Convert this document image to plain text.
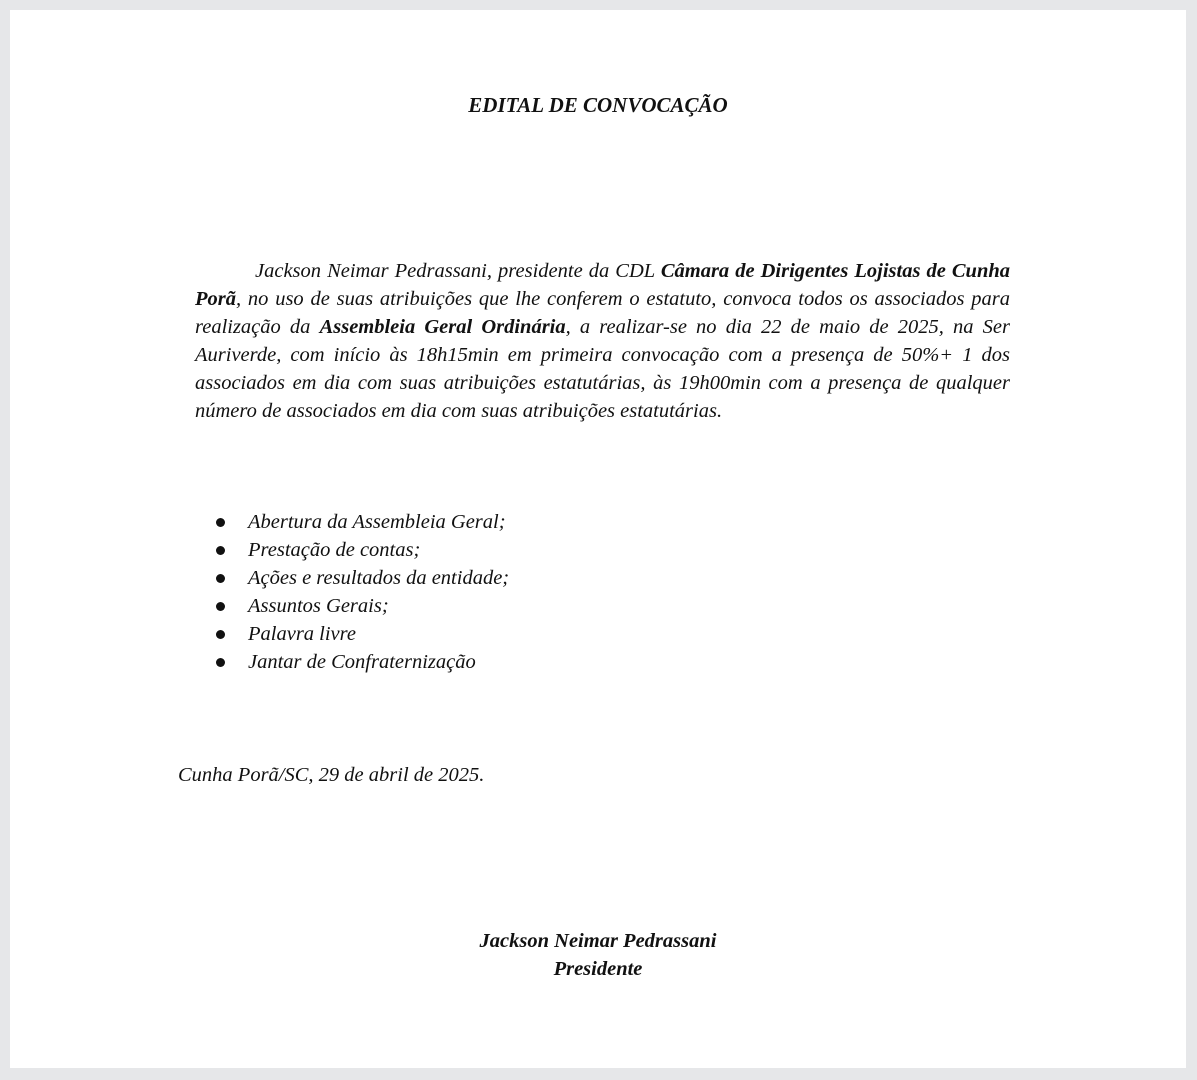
EDITAL DE CONVOCAÇÃO

Jackson Neimar Pedrassani, presidente da CDL Câmara de Dirigentes Lojistas de Cunha Porã, no uso de suas atribuições que lhe conferem o estatuto, convoca todos os associados para realização da Assembleia Geral Ordinária, a realizar-se no dia 22 de maio de 2025, na Ser Auriverde, com início às 18h15min em primeira convocação com a presença de 50%+ 1 dos associados em dia com suas atribuições estatutárias, às 19h00min com a presença de qualquer número de associados em dia com suas atribuições estatutárias.

Abertura da Assembleia Geral;
Prestação de contas;
Ações e resultados da entidade;
Assuntos Gerais;
Palavra livre
Jantar de Confraternização

Cunha Porã/SC, 29 de abril de 2025.

Jackson Neimar Pedrassani
Presidente
